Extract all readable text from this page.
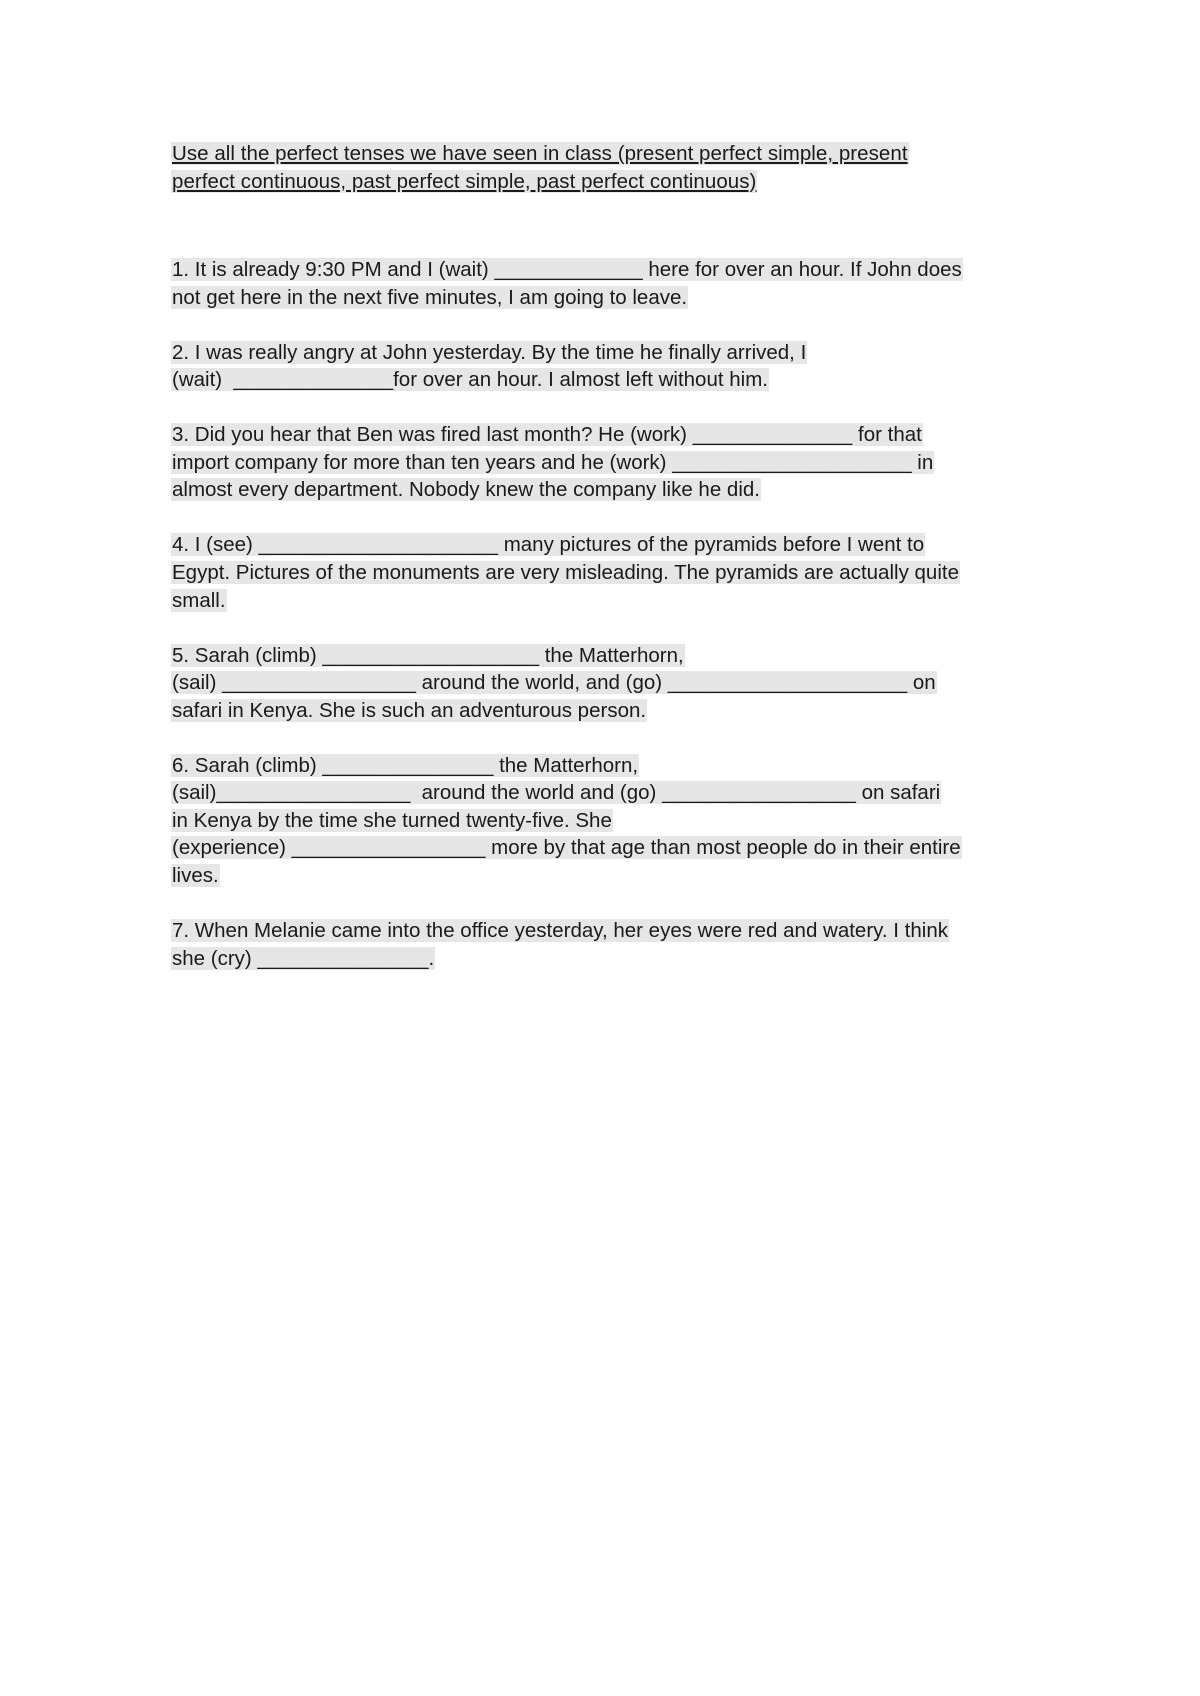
Use all the perfect tenses we have seen in class (present perfect simple, present
perfect continuous, past perfect simple, past perfect continuous)
1. It is already 9:30 PM and I (wait) _____________ here for over an hour. If John does
not get here in the next five minutes, I am going to leave.
2. I was really angry at John yesterday. By the time he finally arrived, I
(wait)  ______________for over an hour. I almost left without him.
3. Did you hear that Ben was fired last month? He (work) ______________ for that
import company for more than ten years and he (work) _____________________ in
almost every department. Nobody knew the company like he did.
4. I (see) _____________________ many pictures of the pyramids before I went to
Egypt. Pictures of the monuments are very misleading. The pyramids are actually quite
small.
5. Sarah (climb) ___________________ the Matterhorn,
(sail) _________________ around the world, and (go) _____________________ on
safari in Kenya. She is such an adventurous person.
6. Sarah (climb) _______________ the Matterhorn,
(sail)_________________  around the world and (go) _________________ on safari
in Kenya by the time she turned twenty-five. She
(experience) _________________ more by that age than most people do in their entire
lives.
7. When Melanie came into the office yesterday, her eyes were red and watery. I think
she (cry) _______________.
